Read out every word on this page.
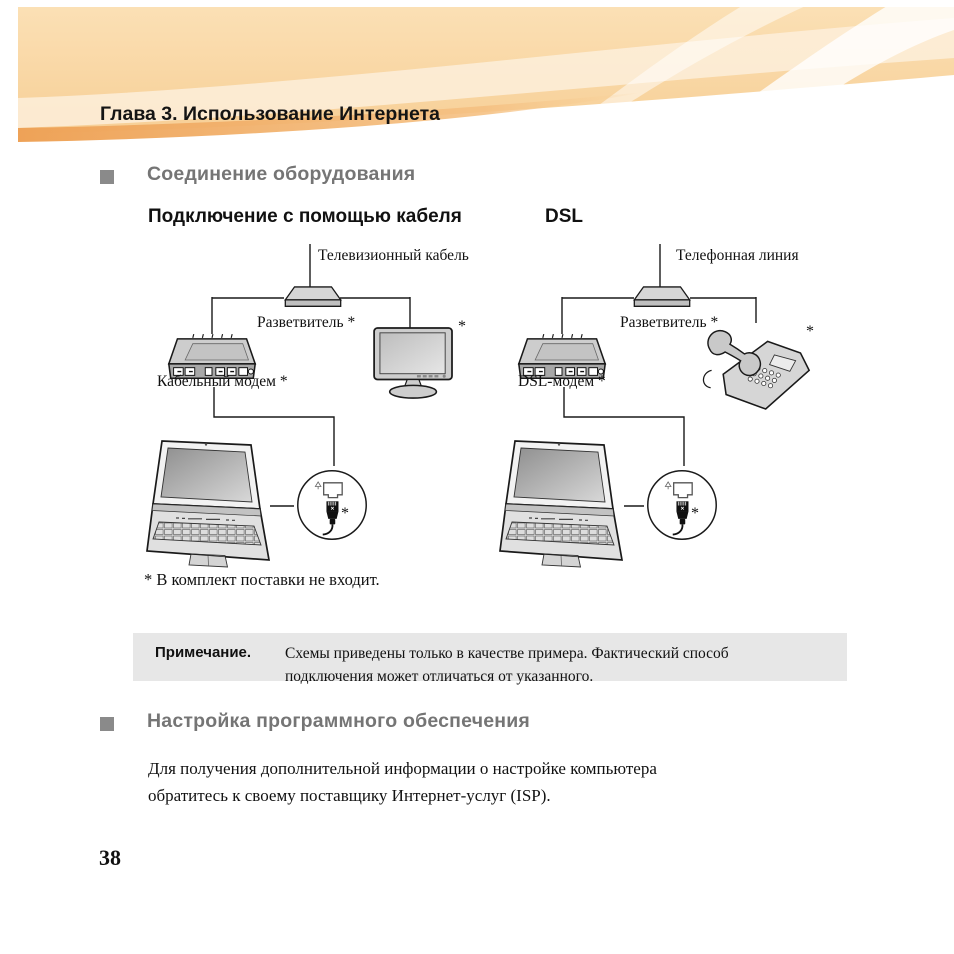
Глава 3. Использование Интернета
Соединение оборудования
Подключение с помощью кабеля	DSL
Телевизионный кабель
Разветвитель *
Кабельный модем *
*
*
Телефонная линия
Разветвитель *
DSL-модем *
*
*
* В комплект поставки не входит.
Примечание. Схемы приведены только в качестве примера. Фактический способ
подключения может отличаться от указанного.
Настройка программного обеспечения
Для получения дополнительной информации о настройке компьютера
обратитесь к своему поставщику Интернет-услуг (ISP).
38
